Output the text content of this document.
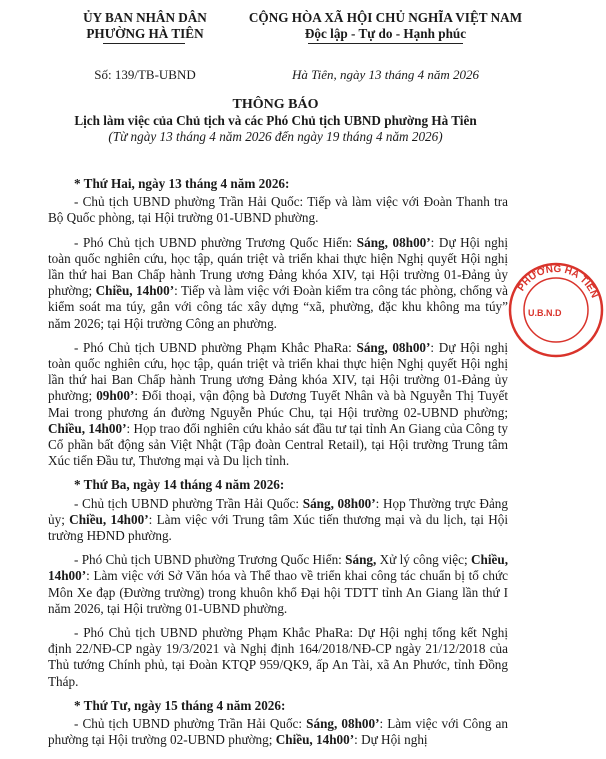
ỦY BAN NHÂN DÂN
PHƯỜNG HÀ TIÊN
CỘNG HÒA XÃ HỘI CHỦ NGHĨA VIỆT NAM
Độc lập - Tự do - Hạnh phúc
Số: 139/TB-UBND	Hà Tiên, ngày 13 tháng 4 năm 2026
THÔNG BÁO
Lịch làm việc của Chủ tịch và các Phó Chủ tịch UBND phường Hà Tiên
(Từ ngày 13 tháng 4 năm 2026 đến ngày 19 tháng 4 năm 2026)

* Thứ Hai, ngày 13 tháng 4 năm 2026:

- Chủ tịch UBND phường Trần Hải Quốc: Tiếp và làm việc với Đoàn Thanh tra Bộ Quốc phòng, tại Hội trường 01-UBND phường.

- Phó Chủ tịch UBND phường Trương Quốc Hiển: Sáng, 08h00’: Dự Hội nghị toàn quốc nghiên cứu, học tập, quán triệt và triển khai thực hiện Nghị quyết Hội nghị lần thứ hai Ban Chấp hành Trung ương Đảng khóa XIV, tại Hội trường 01-Đảng ủy phường; Chiều, 14h00’: Tiếp và làm việc với Đoàn kiểm tra công tác phòng, chống và kiểm soát ma túy, gắn với công tác xây dựng “xã, phường, đặc khu không ma túy” năm 2026; tại Hội trường Công an phường.

- Phó Chủ tịch UBND phường Phạm Khắc PhaRa: Sáng, 08h00’: Dự Hội nghị toàn quốc nghiên cứu, học tập, quán triệt và triển khai thực hiện Nghị quyết Hội nghị lần thứ hai Ban Chấp hành Trung ương Đảng khóa XIV, tại Hội trường 01-Đảng ủy phường; 09h00’: Đối thoại, vận động bà Dương Tuyết Nhân và bà Nguyễn Thị Tuyết Mai trong phương án đường Nguyễn Phúc Chu, tại Hội trường 02-UBND phường; Chiều, 14h00’: Họp trao đổi nghiên cứu khảo sát đầu tư tại tỉnh An Giang của Công ty Cổ phần bất động sản Việt Nhật (Tập đoàn Central Retail), tại Hội trường Trung tâm Xúc tiến Đầu tư, Thương mại và Du lịch tỉnh.

* Thứ Ba, ngày 14 tháng 4 năm 2026:

- Chủ tịch UBND phường Trần Hải Quốc: Sáng, 08h00’: Họp Thường trực Đảng ủy; Chiều, 14h00’: Làm việc với Trung tâm Xúc tiến thương mại và du lịch, tại Hội trường HĐND phường.

- Phó Chủ tịch UBND phường Trương Quốc Hiển: Sáng, Xử lý công việc; Chiều, 14h00’: Làm việc với Sở Văn hóa và Thể thao về triển khai công tác chuẩn bị tổ chức Môn Xe đạp (Đường trường) trong khuôn khổ Đại hội TDTT tỉnh An Giang lần thứ I năm 2026, tại Hội trường 01-UBND phường.

- Phó Chủ tịch UBND phường Phạm Khắc PhaRa: Dự Hội nghị tổng kết Nghị định 22/NĐ-CP ngày 19/3/2021 và Nghị định 164/2018/NĐ-CP ngày 21/12/2018 của Thủ tướng Chính phủ, tại Đoàn KTQP 959/QK9, ấp An Tài, xã An Phước, tỉnh Đồng Tháp.

* Thứ Tư, ngày 15 tháng 4 năm 2026:

- Chủ tịch UBND phường Trần Hải Quốc: Sáng, 08h00’: Làm việc với Công an phường tại Hội trường 02-UBND phường; Chiều, 14h00’: Dự Hội nghị

PHƯỜNG HÀ TIÊN
U.B.N.D
